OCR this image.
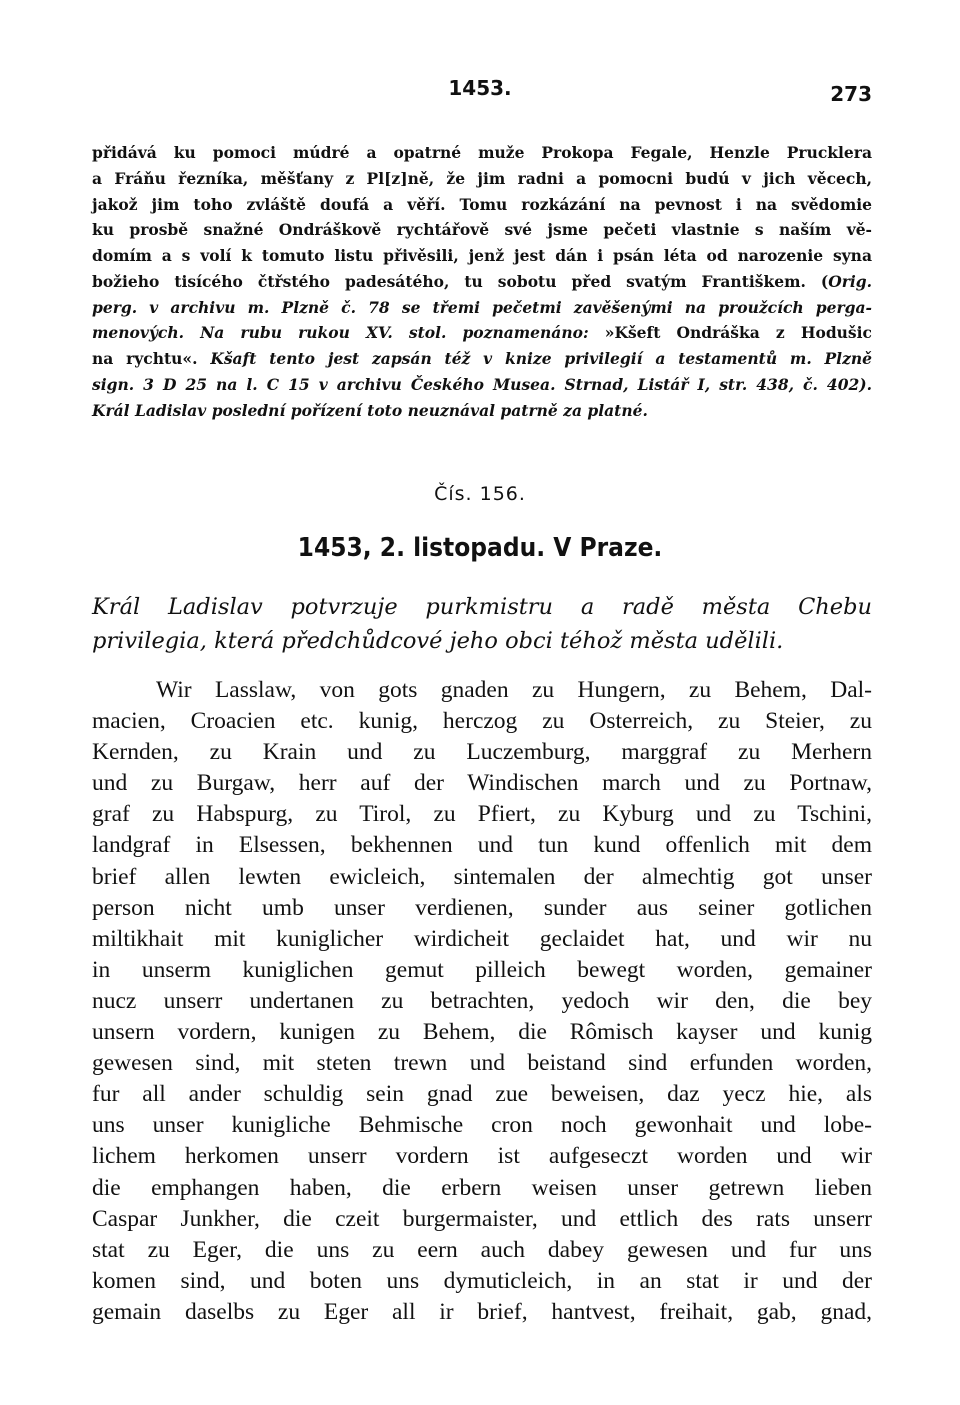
1453.	273
přidává ku pomoci múdré a opatrné muže Prokopa Fegale, Henzle Prucklera
a Fráňu řezníka, měšťany z Pl[z]ně, že jim radni a pomocni budú v jich věcech,
jakož jim toho zvláště doufá a věří. Tomu rozkázání na pevnost i na svědomie
ku prosbě snažné Ondráškově rychtářově své jsme pečeti vlastnie s naším vě-
domím a s volí k tomuto listu přivěsili, jenž jest dán i psán léta od narozenie syna
božieho tisícého čtřstého padesátého, tu sobotu před svatým Františkem. (Orig.
perg. v archivu m. Plzně č. 78 se třemi pečetmi zavěšenými na proužcích perga-
menových. Na rubu rukou XV. stol. poznamenáno: »Kšeft Ondráška z Hodušic
na rychtu«. Kšaft tento jest zapsán též v knize privilegií a testamentů m. Plzně
sign. 3 D 25 na l. C 15 v archivu Českého Musea. Strnad, Listář I, str. 438, č. 402).
Král Ladislav poslední pořízení toto neuznával patrně za platné.
Čís. 156.
1453, 2. listopadu. V Praze.
Král Ladislav potvrzuje purkmistru a radě města Chebu
privilegia, která předchůdcové jeho obci téhož města udělili.
Wir Lasslaw, von gots gnaden zu Hungern, zu Behem, Dal-
macien, Croacien etc. kunig, herczog zu Osterreich, zu Steier, zu
Kernden, zu Krain und zu Luczemburg, marggraf zu Merhern
und zu Burgaw, herr auf der Windischen march und zu Portnaw,
graf zu Habspurg, zu Tirol, zu Pfiert, zu Kyburg und zu Tschini,
landgraf in Elsessen, bekhennen und tun kund offenlich mit dem
brief allen lewten ewicleich, sintemalen der almechtig got unser
person nicht umb unser verdienen, sunder aus seiner gotlichen
miltikhait mit kuniglicher wirdicheit geclaidet hat, und wir nu
in unserm kuniglichen gemut pilleich bewegt worden, gemainer
nucz unserr undertanen zu betrachten, yedoch wir den, die bey
unsern vordern, kunigen zu Behem, die Rômisch kayser und kunig
gewesen sind, mit steten trewn und beistand sind erfunden worden,
fur all ander schuldig sein gnad zue beweisen, daz yecz hie, als
uns unser kunigliche Behmische cron noch gewonhait und lobe-
lichem herkomen unserr vordern ist aufgeseczt worden und wir
die emphangen haben, die erbern weisen unser getrewn lieben
Caspar Junkher, die czeit burgermaister, und ettlich des rats unserr
stat zu Eger, die uns zu eern auch dabey gewesen und fur uns
komen sind, und boten uns dymuticleich, in an stat ir und der
gemain daselbs zu Eger all ir brief, hantvest, freihait, gab, gnad,
